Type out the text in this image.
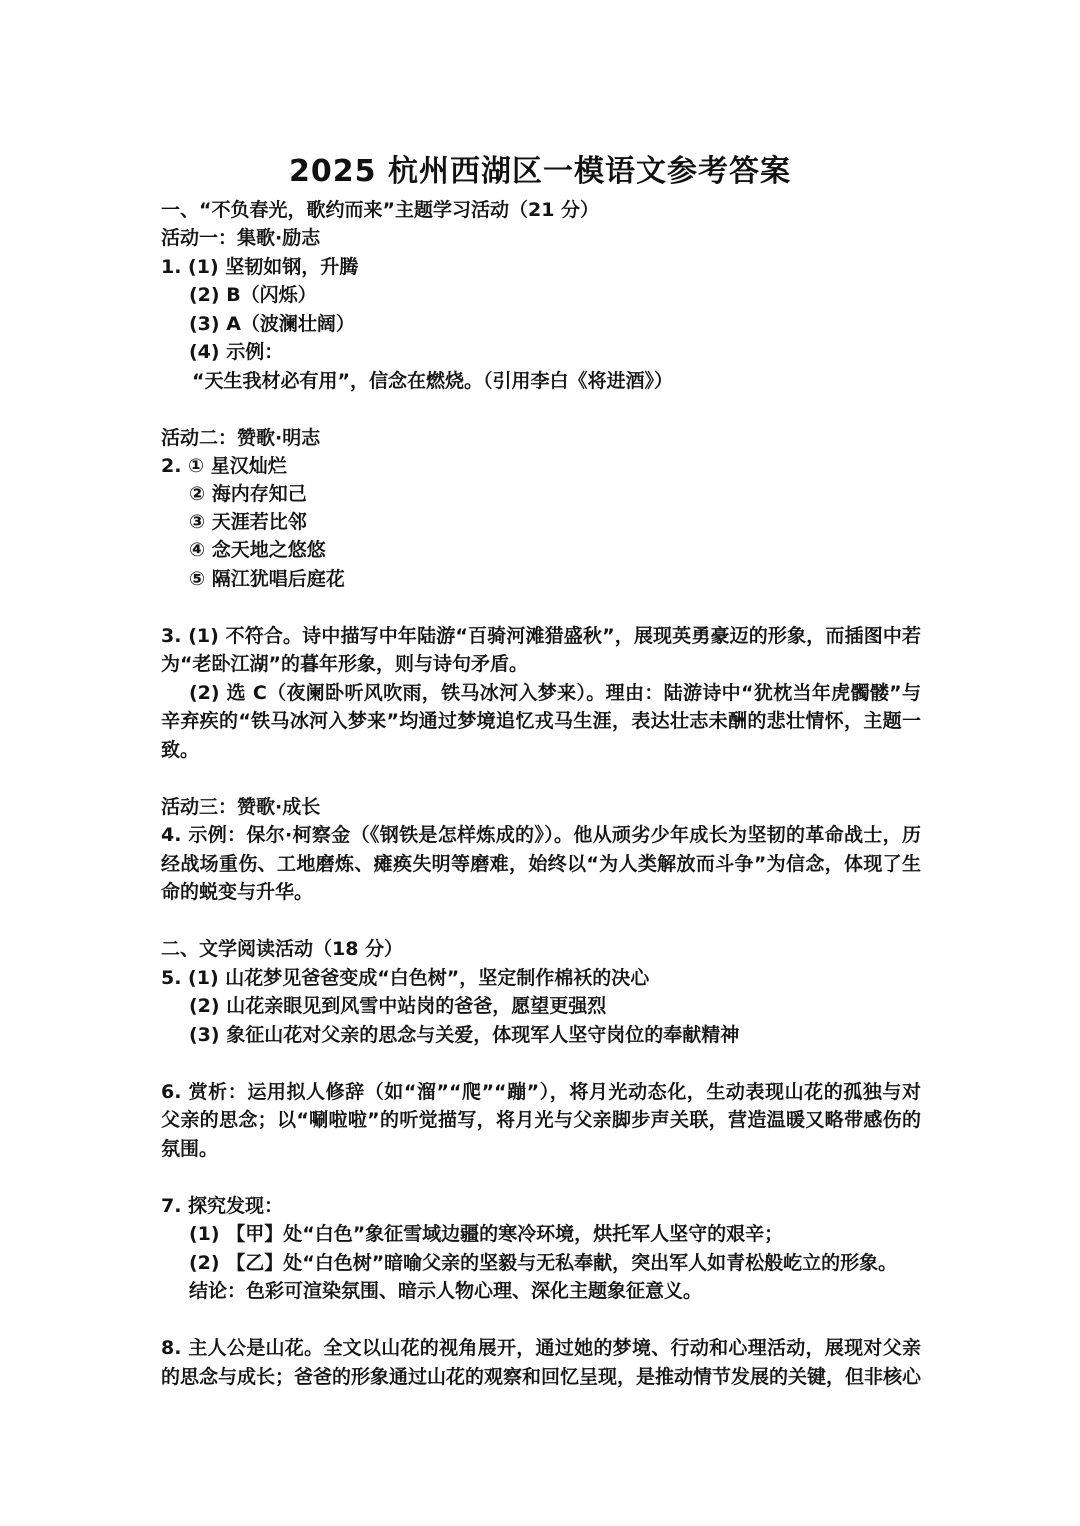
2025 杭州西湖区一模语文参考答案
一、“不负春光，歌约而来”主题学习活动（21 分）
活动一：集歌·励志
1. (1) 坚韧如钢，升腾
(2) B（闪烁）
(3) A（波澜壮阔）
(4) 示例：
“天生我材必有用”，信念在燃烧。（引用李白《将进酒》）
活动二：赞歌·明志
2. ① 星汉灿烂
② 海内存知己
③ 天涯若比邻
④ 念天地之悠悠
⑤ 隔江犹唱后庭花
3. (1) 不符合。诗中描写中年陆游“百骑河滩猎盛秋”，展现英勇豪迈的形象，而插图中若
为“老卧江湖”的暮年形象，则与诗句矛盾。
(2) 选 C（夜阑卧听风吹雨，铁马冰河入梦来）。理由：陆游诗中“犹枕当年虎髑髅”与
辛弃疾的“铁马冰河入梦来”均通过梦境追忆戎马生涯，表达壮志未酬的悲壮情怀，主题一
致。
活动三：赞歌·成长
4. 示例：保尔·柯察金（《钢铁是怎样炼成的》）。他从顽劣少年成长为坚韧的革命战士，历
经战场重伤、工地磨炼、瘫痪失明等磨难，始终以“为人类解放而斗争”为信念，体现了生
命的蜕变与升华。
二、文学阅读活动（18 分）
5. (1) 山花梦见爸爸变成“白色树”，坚定制作棉袄的决心
(2) 山花亲眼见到风雪中站岗的爸爸，愿望更强烈
(3) 象征山花对父亲的思念与关爱，体现军人坚守岗位的奉献精神
6. 赏析：运用拟人修辞（如“溜”“爬”“蹦”），将月光动态化，生动表现山花的孤独与对
父亲的思念；以“唰啦啦”的听觉描写，将月光与父亲脚步声关联，营造温暖又略带感伤的
氛围。
7. 探究发现：
(1) 【甲】处“白色”象征雪域边疆的寒冷环境，烘托军人坚守的艰辛；
(2) 【乙】处“白色树”暗喻父亲的坚毅与无私奉献，突出军人如青松般屹立的形象。
结论：色彩可渲染氛围、暗示人物心理、深化主题象征意义。
8. 主人公是山花。全文以山花的视角展开，通过她的梦境、行动和心理活动，展现对父亲
的思念与成长；爸爸的形象通过山花的观察和回忆呈现，是推动情节发展的关键，但非核心
